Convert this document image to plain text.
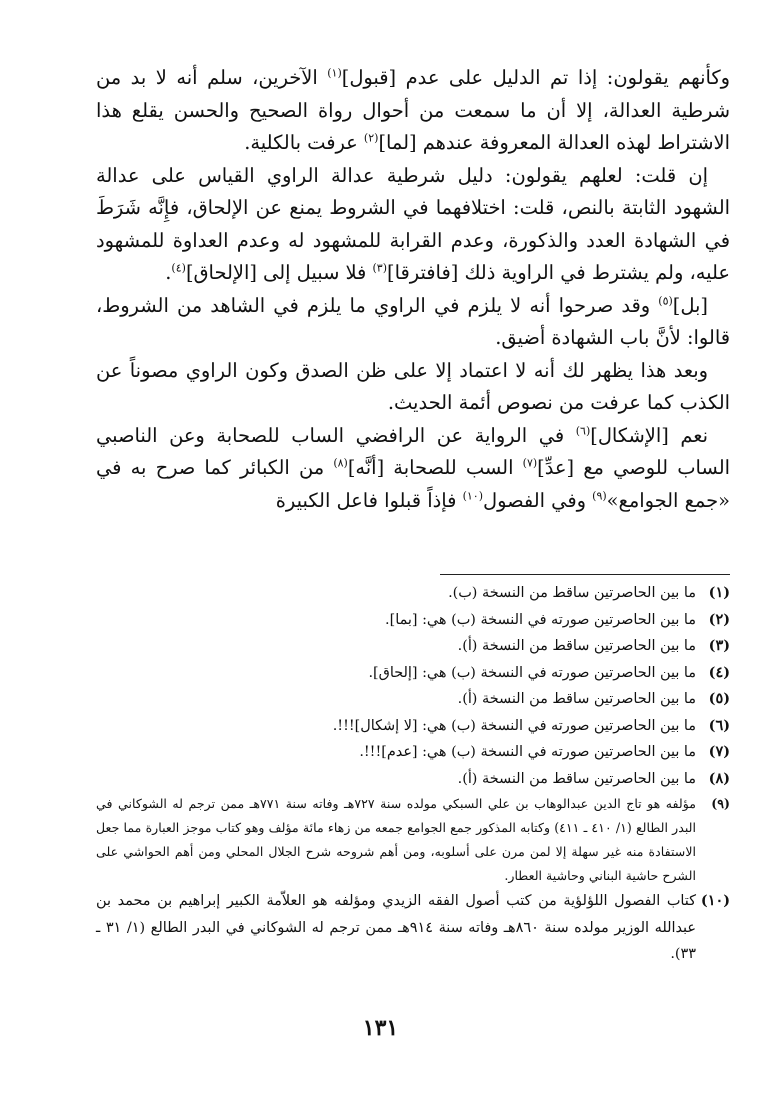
وكأنهم يقولون: إذا تم الدليل على عدم [قبول]$^{(١)}$ الآخرين، سلم أنه لا بد من شرطية العدالة، إلا أن ما سمعت من أحوال رواة الصحيح والحسن يقلع هذا الاشتراط لهذه العدالة المعروفة عندهم [لما]$^{(٢)}$ عرفت بالكلية.

إن قلت: لعلهم يقولون: دليل شرطية عدالة الراوي القياس على عدالة الشهود الثابتة بالنص، قلت: اختلافهما في الشروط يمنع عن الإلحاق، فإِنَّه شَرَطَ في الشهادة العدد والذكورة، وعدم القرابة للمشهود له وعدم العداوة للمشهود عليه، ولم يشترط في الراوية ذلك [فافترقا]$^{(٣)}$ فلا سبيل إلى [الإلحاق]$^{(٤)}$.

[بل]$^{(٥)}$ وقد صرحوا أنه لا يلزم في الراوي ما يلزم في الشاهد من الشروط، قالوا: لأنَّ باب الشهادة أضيق.

وبعد هذا يظهر لك أنه لا اعتماد إلا على ظن الصدق وكون الراوي مصوناً عن الكذب كما عرفت من نصوص أئمة الحديث.

نعم [الإشكال]$^{(٦)}$ في الرواية عن الرافضي الساب للصحابة وعن الناصبي الساب للوصي مع [عدِّ]$^{(٧)}$ السب للصحابة [أنَّه]$^{(٨)}$ من الكبائر كما صرح به في «جمع الجوامع»$^{(٩)}$ وفي الفصول$^{(١٠)}$ فإذاً قبلوا فاعل الكبيرة

(١)
ما بين الحاصرتين ساقط من النسخة (ب).
(٢)
ما بين الحاصرتين صورته في النسخة (ب) هي: [بما].
(٣)
ما بين الحاصرتين ساقط من النسخة (أ).
(٤)
ما بين الحاصرتين صورته في النسخة (ب) هي: [إلحاق].
(٥)
ما بين الحاصرتين ساقط من النسخة (أ).
(٦)
ما بين الحاصرتين صورته في النسخة (ب) هي: [لا إشكال]!!!.
(٧)
ما بين الحاصرتين صورته في النسخة (ب) هي: [عدم]!!!.
(٨)
ما بين الحاصرتين ساقط من النسخة (أ).
(٩)
مؤلفه هو تاج الدين عبدالوهاب بن علي السبكي مولده سنة ٧٢٧هـ وفاته سنة ٧٧١هـ ممن ترجم له الشوكاني في البدر الطالع (١/ ٤١٠ ـ ٤١١) وكتابه المذكور جمع الجوامع جمعه من زهاء مائة مؤلف وهو كتاب موجز العبارة مما جعل الاستفادة منه غير سهلة إلا لمن مرن على أسلوبه، ومن أهم شروحه شرح الجلال المحلي ومن أهم الحواشي على الشرح حاشية البناني وحاشية العطار.
(١٠)
كتاب الفصول اللؤلؤية من كتب أصول الفقه الزيدي ومؤلفه هو العلاّمة الكبير إبراهيم بن محمد بن عبدالله الوزير مولده سنة ٨٦٠هـ وفاته سنة ٩١٤هـ ممن ترجم له الشوكاني في البدر الطالع (١/ ٣١ ـ ٣٣).
١٣١
